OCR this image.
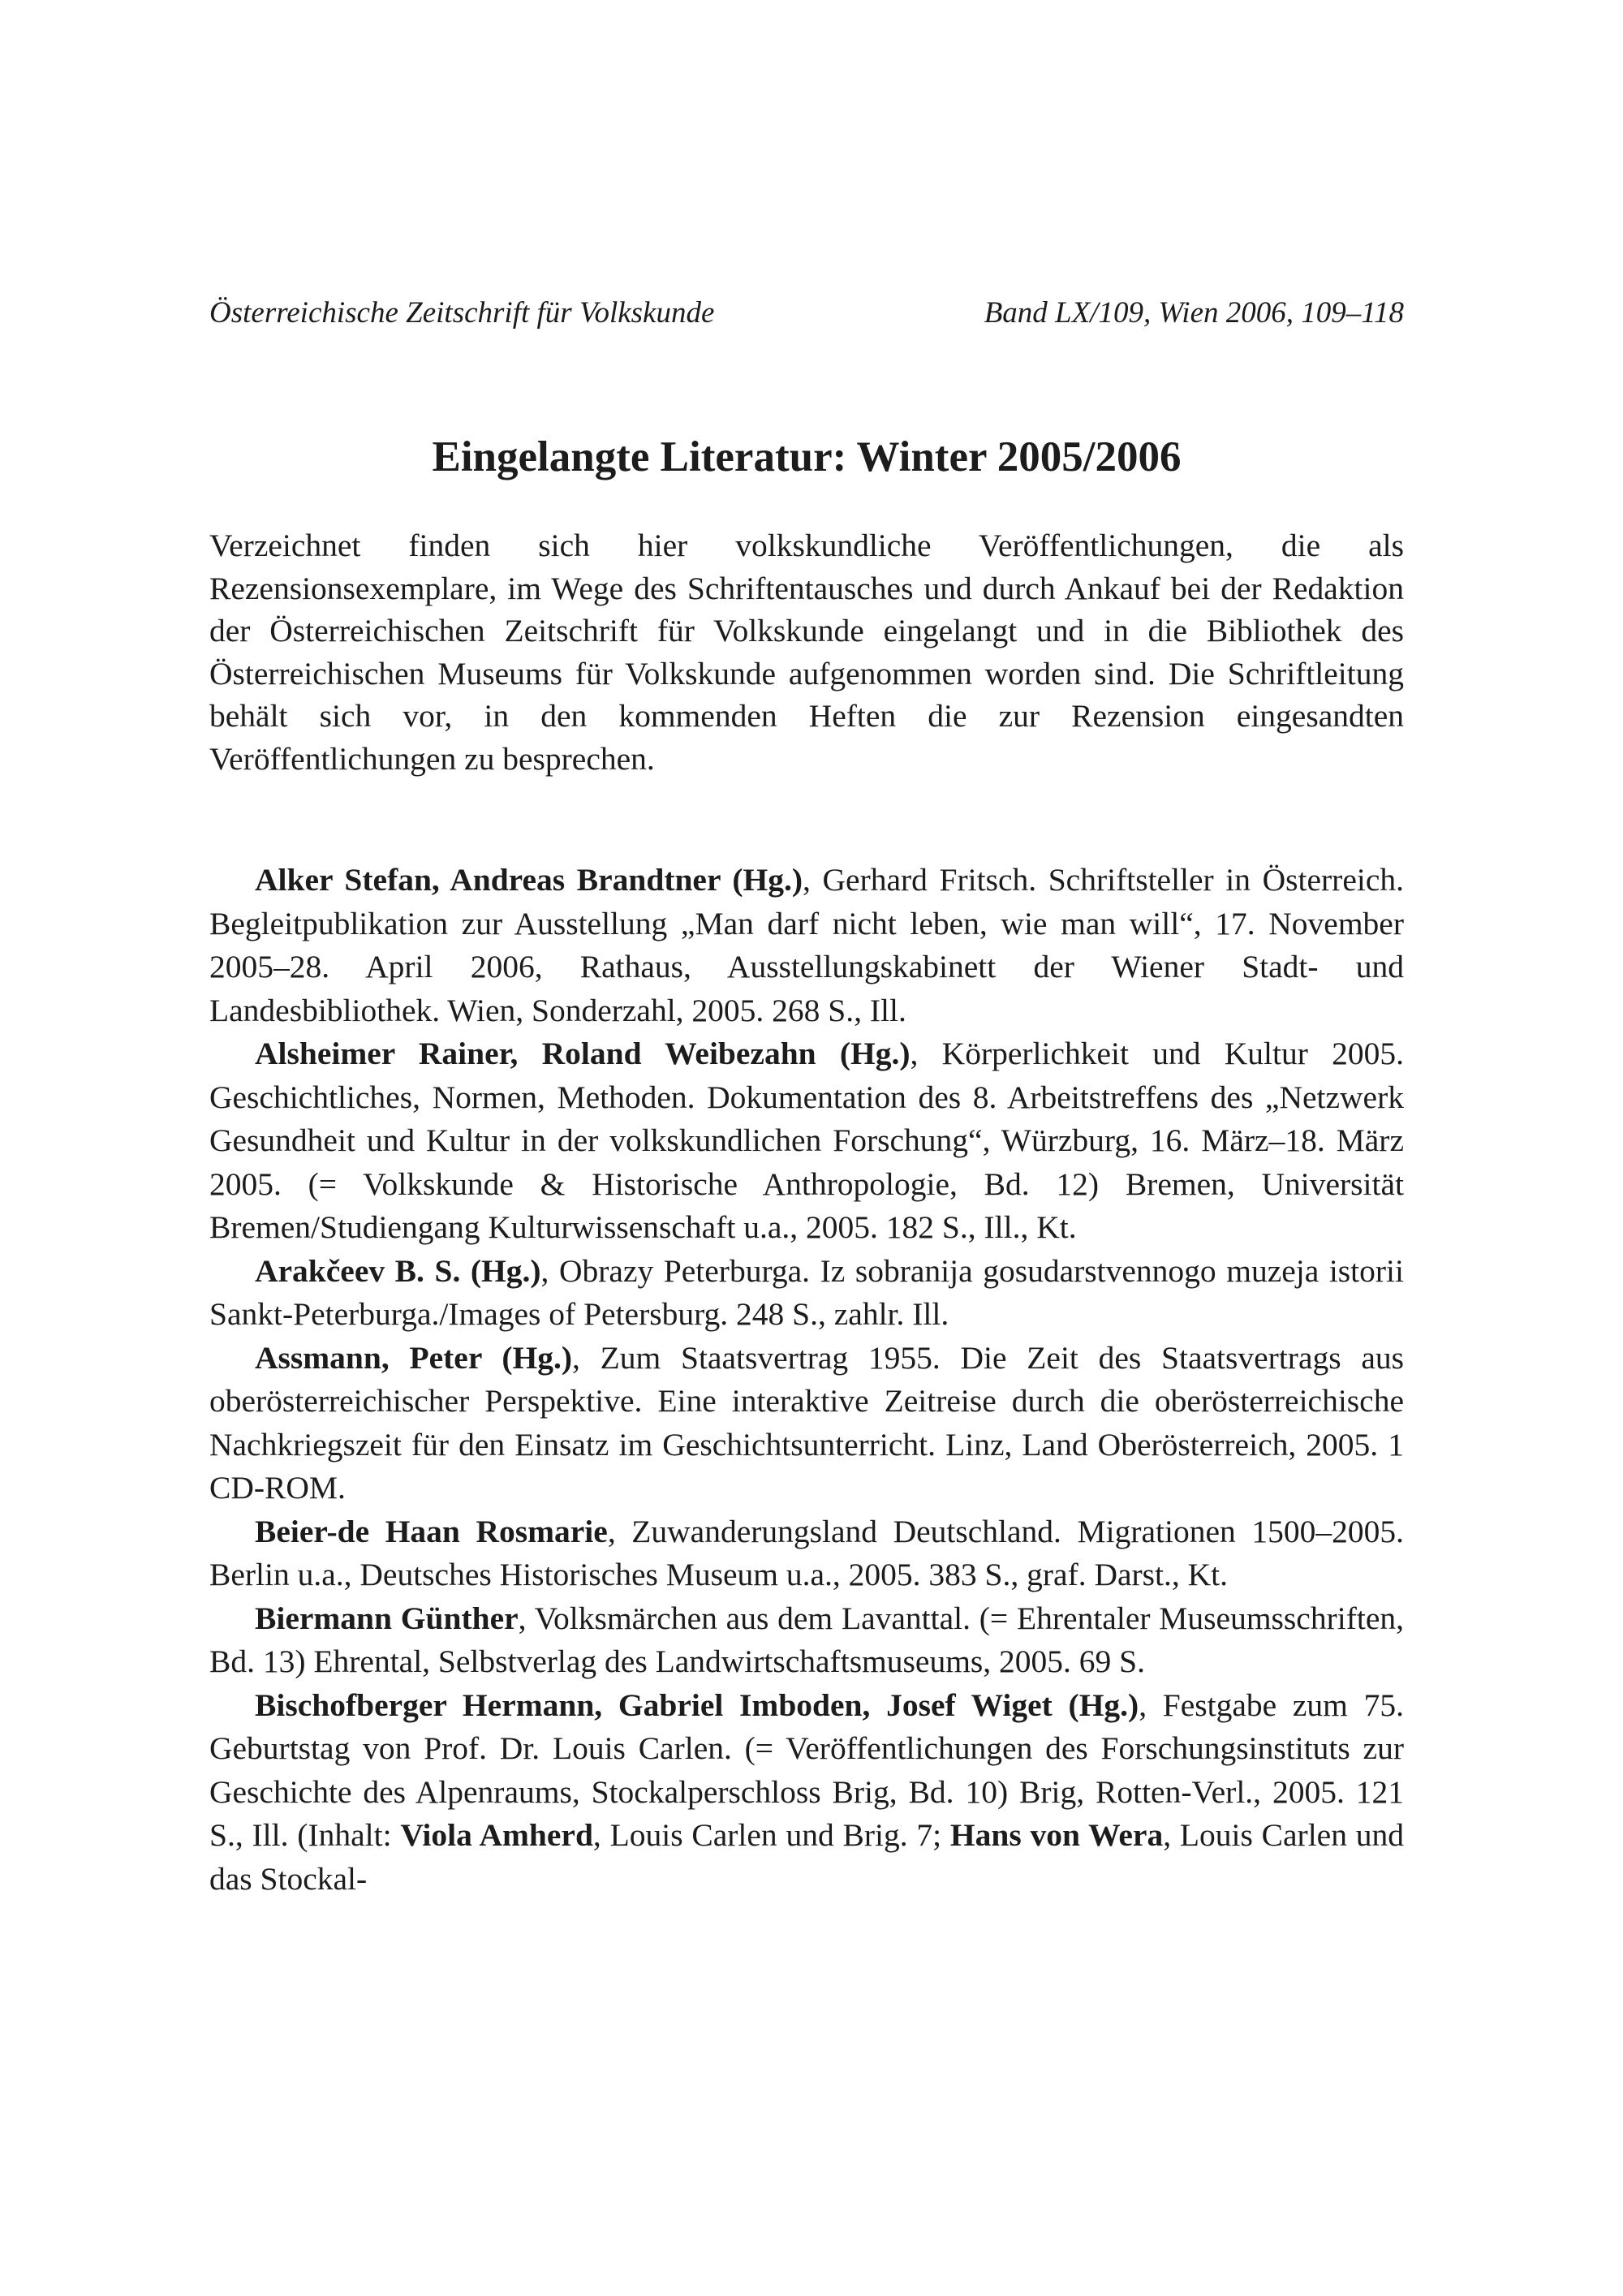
Österreichische Zeitschrift für Volkskunde	Band LX/109, Wien 2006, 109–118
Eingelangte Literatur: Winter 2005/2006

Verzeichnet finden sich hier volkskundliche Veröffentlichungen, die als Rezensionsexemplare, im Wege des Schriftentausches und durch Ankauf bei der Redaktion der Österreichischen Zeitschrift für Volkskunde eingelangt und in die Bibliothek des Österreichischen Museums für Volkskunde aufgenommen worden sind. Die Schriftleitung behält sich vor, in den kommenden Heften die zur Rezension eingesandten Veröffentlichungen zu besprechen.

Alker Stefan, Andreas Brandtner (Hg.), Gerhard Fritsch. Schriftsteller in Österreich. Begleitpublikation zur Ausstellung „Man darf nicht leben, wie man will“, 17. November 2005–28. April 2006, Rathaus, Ausstellungskabinett der Wiener Stadt- und Landesbibliothek. Wien, Sonderzahl, 2005. 268 S., Ill.
Alsheimer Rainer, Roland Weibezahn (Hg.), Körperlichkeit und Kultur 2005. Geschichtliches, Normen, Methoden. Dokumentation des 8. Arbeitstreffens des „Netzwerk Gesundheit und Kultur in der volkskundlichen Forschung“, Würzburg, 16. März–18. März 2005. (= Volkskunde & Historische Anthropologie, Bd. 12) Bremen, Universität Bremen/Studiengang Kulturwissenschaft u.a., 2005. 182 S., Ill., Kt.
Arakčeev B. S. (Hg.), Obrazy Peterburga. Iz sobranija gosudarstvennogo muzeja istorii Sankt-Peterburga./Images of Petersburg. 248 S., zahlr. Ill.
Assmann, Peter (Hg.), Zum Staatsvertrag 1955. Die Zeit des Staatsvertrags aus oberösterreichischer Perspektive. Eine interaktive Zeitreise durch die oberösterreichische Nachkriegszeit für den Einsatz im Geschichtsunterricht. Linz, Land Oberösterreich, 2005. 1 CD-ROM.
Beier-de Haan Rosmarie, Zuwanderungsland Deutschland. Migrationen 1500–2005. Berlin u.a., Deutsches Historisches Museum u.a., 2005. 383 S., graf. Darst., Kt.
Biermann Günther, Volksmärchen aus dem Lavanttal. (= Ehrentaler Museumsschriften, Bd. 13) Ehrental, Selbstverlag des Landwirtschaftsmuseums, 2005. 69 S.
Bischofberger Hermann, Gabriel Imboden, Josef Wiget (Hg.), Festgabe zum 75. Geburtstag von Prof. Dr. Louis Carlen. (= Veröffentlichungen des Forschungsinstituts zur Geschichte des Alpenraums, Stockalperschloss Brig, Bd. 10) Brig, Rotten-Verl., 2005. 121 S., Ill. (Inhalt: Viola Amherd, Louis Carlen und Brig. 7; Hans von Wera, Louis Carlen und das Stockal-
